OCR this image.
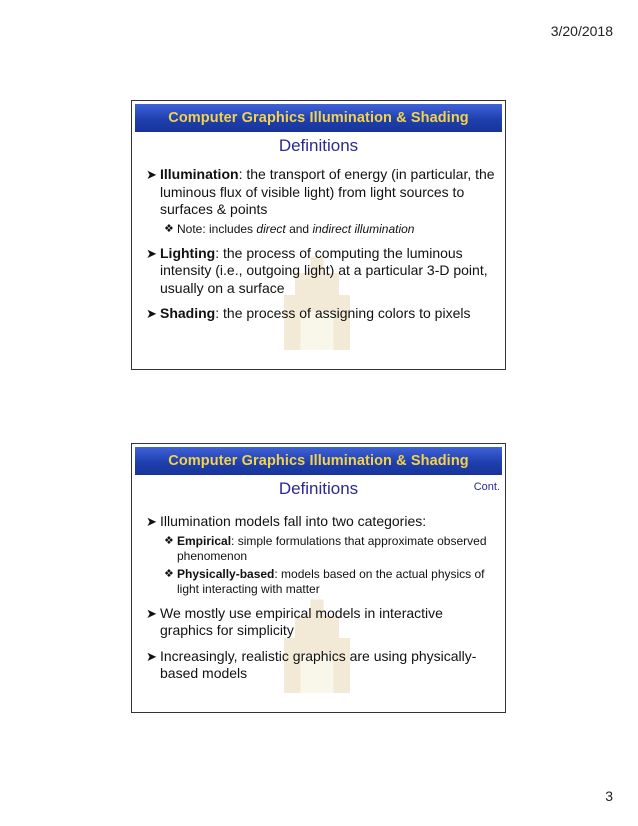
3/20/2018
Computer Graphics Illumination & Shading
Definitions
➤ Illumination: the transport of energy (in particular, the luminous flux of visible light) from light sources to surfaces & points
❖ Note: includes direct and indirect illumination
➤ Lighting: the process of computing the luminous intensity (i.e., outgoing light) at a particular 3-D point, usually on a surface
➤ Shading: the process of assigning colors to pixels
Computer Graphics Illumination & Shading
Definitions	Cont.
➤ Illumination models fall into two categories:
❖ Empirical: simple formulations that approximate observed phenomenon
❖ Physically-based: models based on the actual physics of light interacting with matter
➤ We mostly use empirical models in interactive graphics for simplicity
➤ Increasingly, realistic graphics are using physically-based models
3
